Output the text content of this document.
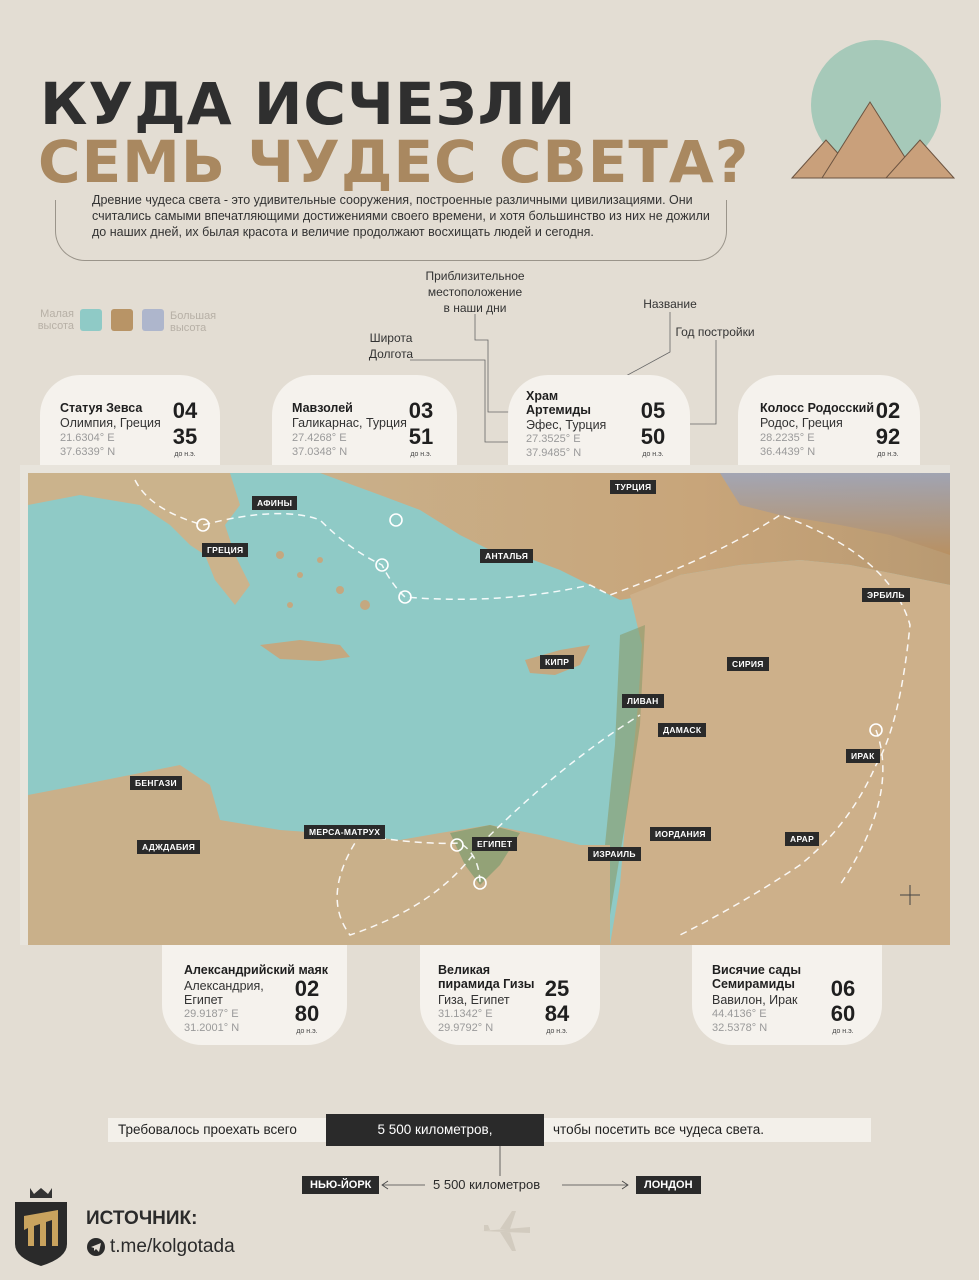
КУДА ИСЧЕЗЛИ
СЕМЬ ЧУДЕС СВЕТА?
Древние чудеса света - это удивительные сооружения, построенные различными цивилизациями. Они считались самыми впечатляющими достижениями своего времени, и хотя большинство из них не дожили до наших дней, их былая красота и величие продолжают восхищать людей и сегодня.
Малая
высота
Большая
высота
Приблизительное
местоположение
в наши дни	Название
Год постройки
Широта
Долгота
Статуя Зевса
Олимпия, Греция
21.6304° E
37.6339° N
04
35
до н.э.
Мавзолей
Галикарнас, Турция
27.4268° E
37.0348° N
03
51
до н.э.
Храм
Артемиды
Эфес, Турция
27.3525° E
37.9485° N
05
50
до н.э.
Колосс Родосский
Родос, Греция
28.2235° E
36.4439° N
02
92
до н.э.
АФИНЫ
ГРЕЦИЯ
ТУРЦИЯ
АНТАЛЬЯ
ЭРБИЛЬ
КИПР	СИРИЯ
ЛИВАН
ДАМАСК
ИРАК
БЕНГАЗИ
МЕРСА-МАТРУХ
ЕГИПЕТ
АДЖДАБИЯ
ИЗРАИЛЬ
ИОРДАНИЯ	АРАР
Александрийский маяк
Александрия,
Египет
29.9187° E
31.2001° N
02
80
до н.э.
Великая
пирамида Гизы
Гиза, Египет
31.1342° E
29.9792° N
25
84
до н.э.
Висячие сады
Семирамиды
Вавилон, Ирак
44.4136° E
32.5378° N
06
60
до н.э.
Требовалось проехать всего	5 500 километров,	чтобы посетить все чудеса света.
НЬЮ-ЙОРК	5 500 километров	ЛОНДОН
ИСТОЧНИК:
t.me/kolgotada
